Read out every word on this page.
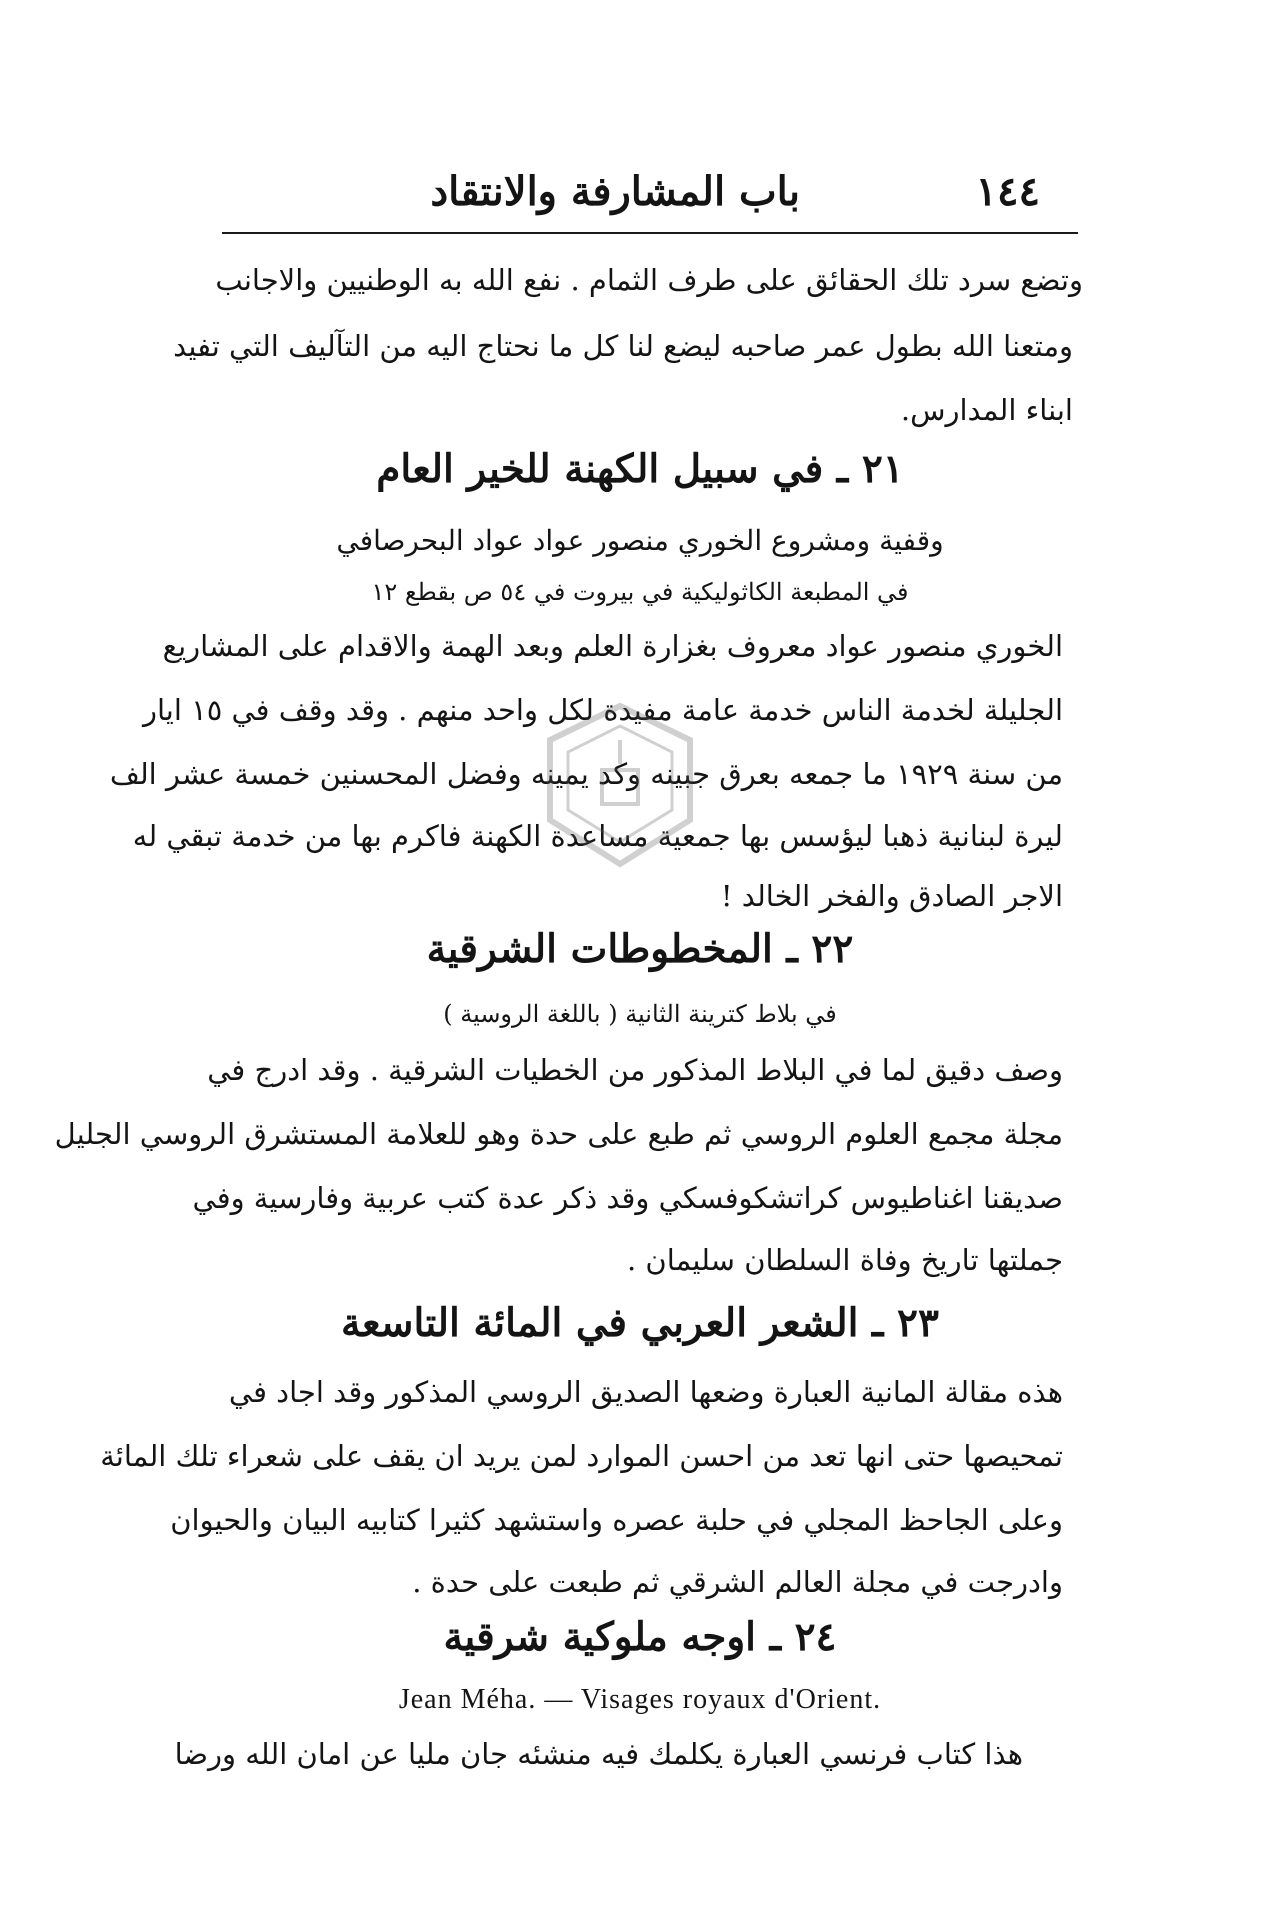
١٤٤
باب المشارفة والانتقاد
وتضع سرد تلك الحقائق على طرف الثمام . نفع الله به الوطنيين والاجانب
ومتعنا الله بطول عمر صاحبه ليضع لنا كل ما نحتاج اليه من التآليف التي تفيد
ابناء المدارس.
٢١ ـ في سبيل الكهنة للخير العام
وقفية ومشروع الخوري منصور عواد عواد البحرصافي
في المطبعة الكاثوليكية في بيروت في ٥٤ ص بقطع ١٢
الخوري منصور عواد معروف بغزارة العلم وبعد الهمة والاقدام على المشاريع
الجليلة لخدمة الناس خدمة عامة مفيدة لكل واحد منهم . وقد وقف في ١٥ ايار
من سنة ١٩٢٩ ما جمعه بعرق جبينه وكد يمينه وفضل المحسنين خمسة عشر الف
ليرة لبنانية ذهبا ليؤسس بها جمعية مساعدة الكهنة فاكرم بها من خدمة تبقي له
الاجر الصادق والفخر الخالد !
٢٢ ـ المخطوطات الشرقية
في بلاط كترينة الثانية ( باللغة الروسية )
وصف دقيق لما في البلاط المذكور من الخطيات الشرقية . وقد ادرج في
مجلة مجمع العلوم الروسي ثم طبع على حدة وهو للعلامة المستشرق الروسي الجليل
صديقنا اغناطيوس كراتشكوفسكي وقد ذكر عدة كتب عربية وفارسية وفي
جملتها تاريخ وفاة السلطان سليمان .
٢٣ ـ الشعر العربي في المائة التاسعة
هذه مقالة المانية العبارة وضعها الصديق الروسي المذكور وقد اجاد في
تمحيصها حتى انها تعد من احسن الموارد لمن يريد ان يقف على شعراء تلك المائة
وعلى الجاحظ المجلي في حلبة عصره واستشهد كثيرا كتابيه البيان والحيوان
وادرجت في مجلة العالم الشرقي ثم طبعت على حدة .
٢٤ ـ اوجه ملوكية شرقية
Jean Méha. — Visages royaux d'Orient.
هذا كتاب فرنسي العبارة يكلمك فيه منشئه جان مليا عن امان الله ورضا
